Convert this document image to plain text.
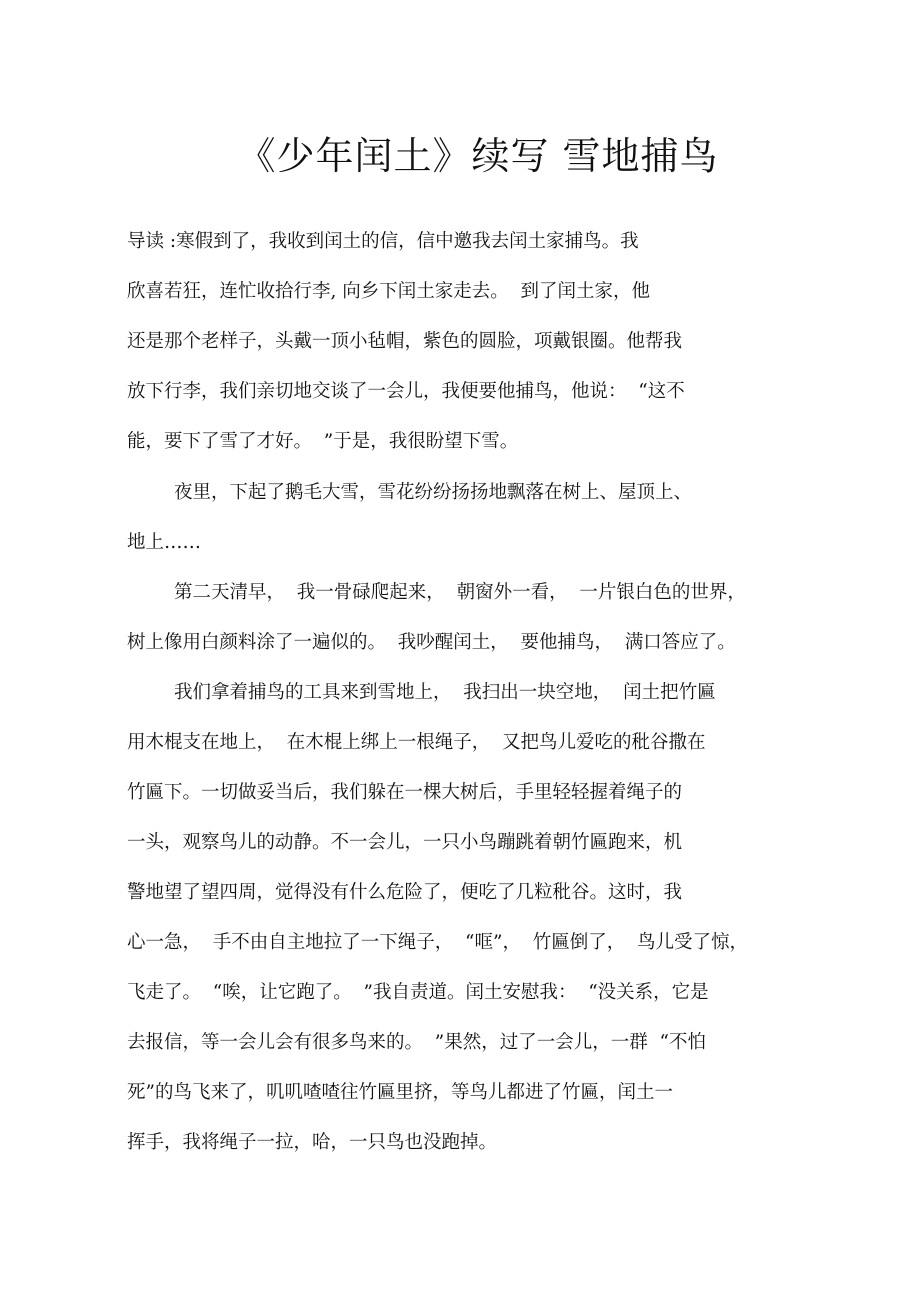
《少年闰土》续写 雪地捕鸟
导读 :寒假到了，我收到闰土的信，信中邀我去闰土家捕鸟。我
欣喜若狂，连忙收拾行李, 向乡下闰土家走去。  到了闰土家，他
还是那个老样子，头戴一顶小毡帽，紫色的圆脸，项戴银圈。他帮我
放下行李，我们亲切地交谈了一会儿，我便要他捕鸟，他说：  “这不
能，要下了雪了才好。  ”于是，我很盼望下雪。
夜里，下起了鹅毛大雪，雪花纷纷扬扬地飘落在树上、屋顶上、
地上……
第二天清早，  我一骨碌爬起来，  朝窗外一看，  一片银白色的世界，
树上像用白颜料涂了一遍似的。  我吵醒闰土，  要他捕鸟，  满口答应了。
我们拿着捕鸟的工具来到雪地上，  我扫出一块空地，  闰土把竹匾
用木棍支在地上，  在木棍上绑上一根绳子，  又把鸟儿爱吃的秕谷撒在
竹匾下。一切做妥当后，我们躲在一棵大树后，手里轻轻握着绳子的
一头，观察鸟儿的动静。不一会儿，一只小鸟蹦跳着朝竹匾跑来，机
警地望了望四周，觉得没有什么危险了，便吃了几粒秕谷。这时，我
心一急，  手不由自主地拉了一下绳子，  “哐”，  竹匾倒了，  鸟儿受了惊，
飞走了。  “唉，让它跑了。  ”我自责道。闰土安慰我：  “没关系，它是
去报信，等一会儿会有很多鸟来的。  ”果然，过了一会儿，一群  “不怕
死”的鸟飞来了，叽叽喳喳往竹匾里挤，等鸟儿都进了竹匾，闰土一
挥手，我将绳子一拉，哈，一只鸟也没跑掉。
